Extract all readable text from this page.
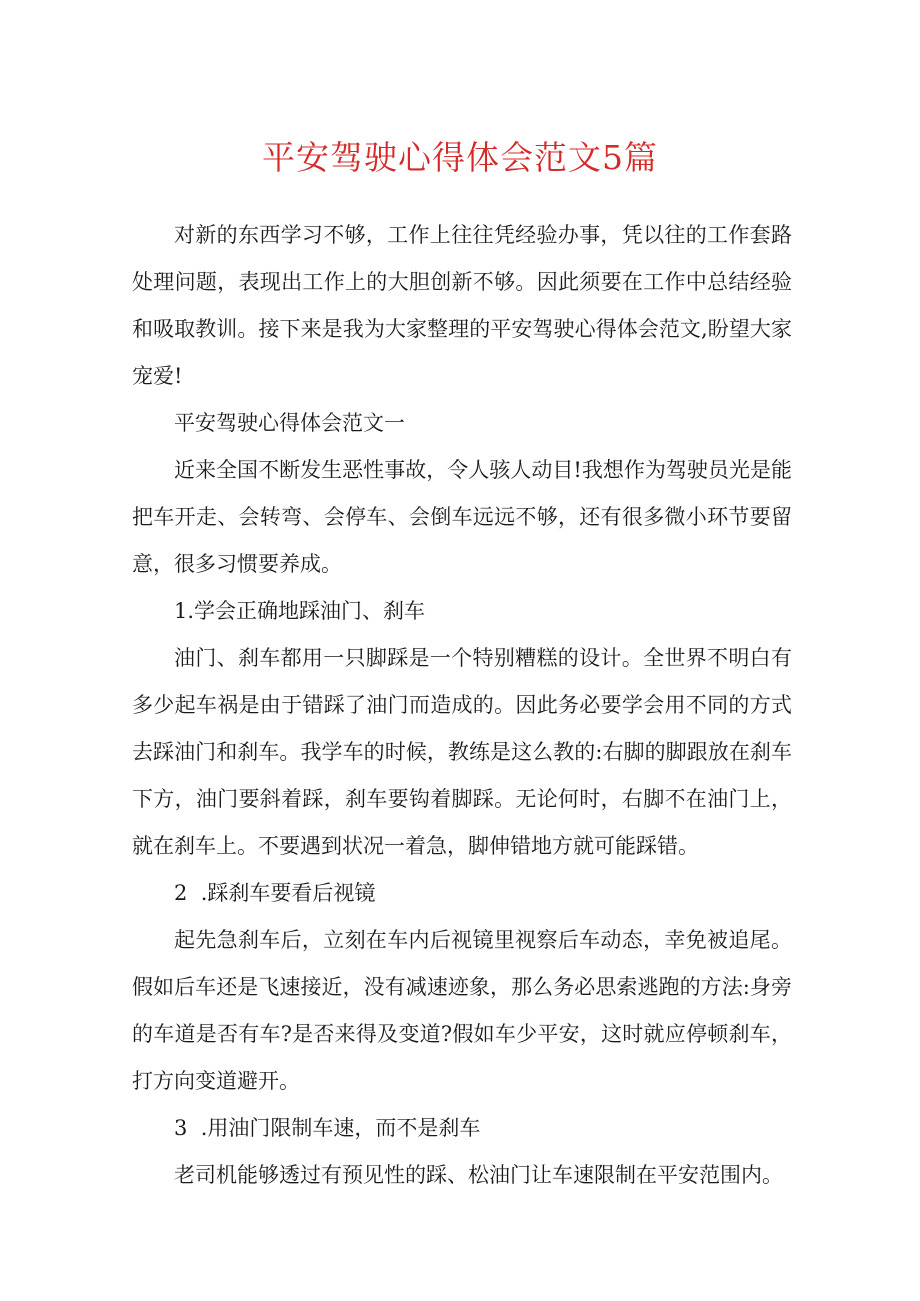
平安驾驶心得体会范文5篇

对新的东西学习不够，工作上往往凭经验办事，凭以往的工作套路处理问题，表现出工作上的大胆创新不够。因此须要在工作中总结经验和吸取教训。接下来是我为大家整理的平安驾驶心得体会范文,盼望大家宠爱!

平安驾驶心得体会范文一

近来全国不断发生恶性事故，令人骇人动目!我想作为驾驶员光是能把车开走、会转弯、会停车、会倒车远远不够，还有很多微小环节要留意，很多习惯要养成。

1.学会正确地踩油门、刹车

油门、刹车都用一只脚踩是一个特别糟糕的设计。全世界不明白有多少起车祸是由于错踩了油门而造成的。因此务必要学会用不同的方式去踩油门和刹车。我学车的时候，教练是这么教的:右脚的脚跟放在刹车下方，油门要斜着踩，刹车要钩着脚踩。无论何时，右脚不在油门上，就在刹车上。不要遇到状况一着急，脚伸错地方就可能踩错。

2  .踩刹车要看后视镜

起先急刹车后，立刻在车内后视镜里视察后车动态，幸免被追尾。假如后车还是飞速接近，没有减速迹象，那么务必思索逃跑的方法:身旁的车道是否有车?是否来得及变道?假如车少平安，这时就应停顿刹车，打方向变道避开。

3  .用油门限制车速，而不是刹车

老司机能够透过有预见性的踩、松油门让车速限制在平安范围内。
